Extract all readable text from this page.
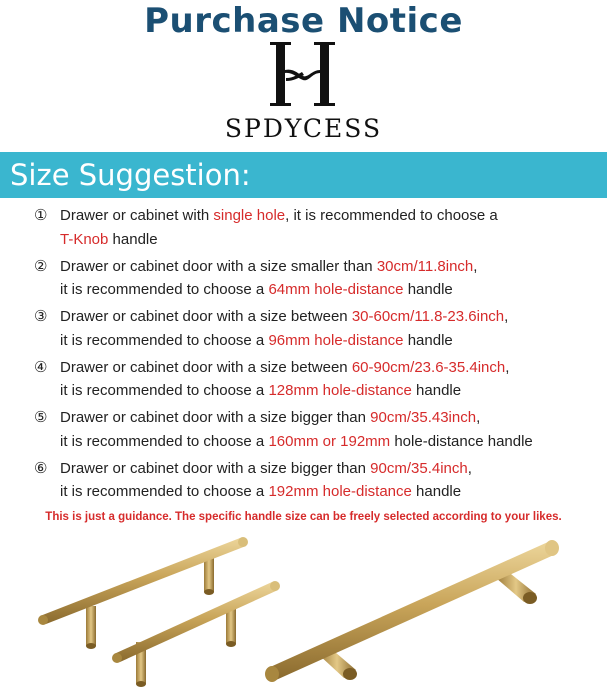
Purchase Notice
SPDYCESS
Size Suggestion:
① Drawer or cabinet with single hole, it is recommended to choose a
T-Knob handle
② Drawer or cabinet door with a size smaller than 30cm/11.8inch,
it is recommended to choose a 64mm hole-distance handle
③ Drawer or cabinet door with a size between 30-60cm/11.8-23.6inch,
it is recommended to choose a 96mm hole-distance handle
④ Drawer or cabinet door with a size between 60-90cm/23.6-35.4inch,
it is recommended to choose a 128mm hole-distance handle
⑤ Drawer or cabinet door with a size bigger than 90cm/35.43inch,
it is recommended to choose a 160mm or 192mm hole-distance handle
⑥ Drawer or cabinet door with a size bigger than 90cm/35.4inch,
it is recommended to choose a 192mm hole-distance handle
This is just a guidance. The specific handle size can be freely selected according to your likes.
